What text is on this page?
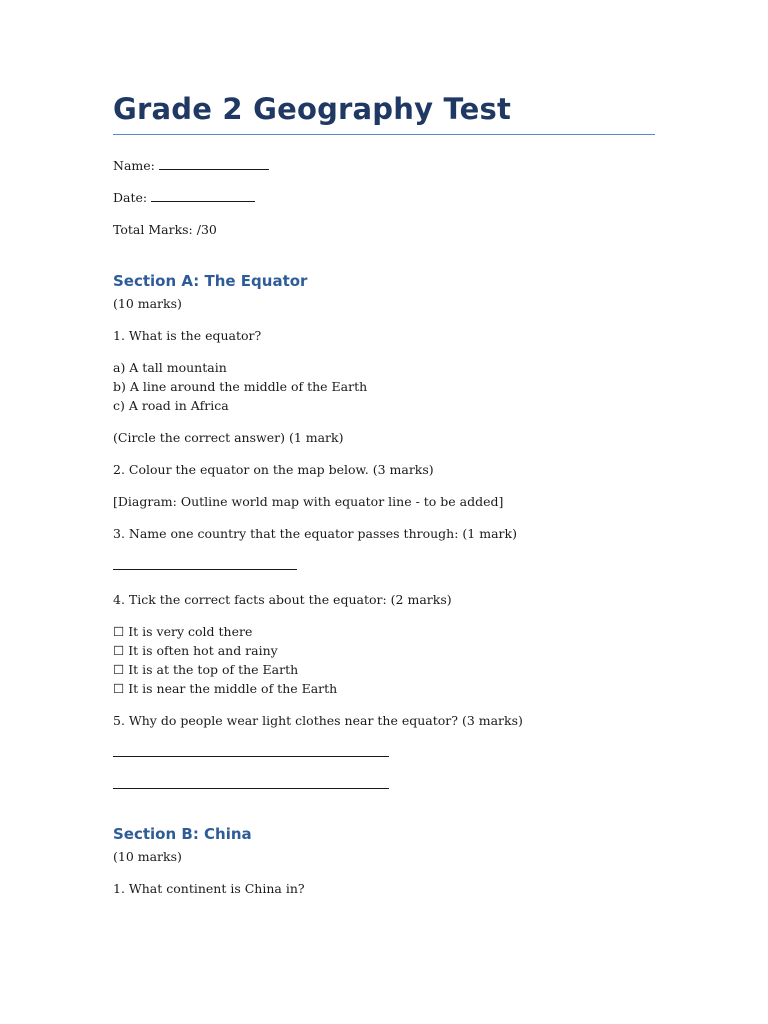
Grade 2 Geography Test

Name:

Date:

Total Marks: /30

Section A: The Equator

(10 marks)

1. What is the equator?

a) A tall mountain

b) A line around the middle of the Earth

c) A road in Africa

(Circle the correct answer) (1 mark)

2. Colour the equator on the map below. (3 marks)

[Diagram: Outline world map with equator line - to be added]

3. Name one country that the equator passes through: (1 mark)

4. Tick the correct facts about the equator: (2 marks)

☐ It is very cold there

☐ It is often hot and rainy

☐ It is at the top of the Earth

☐ It is near the middle of the Earth

5. Why do people wear light clothes near the equator? (3 marks)

Section B: China

(10 marks)

1. What continent is China in?
